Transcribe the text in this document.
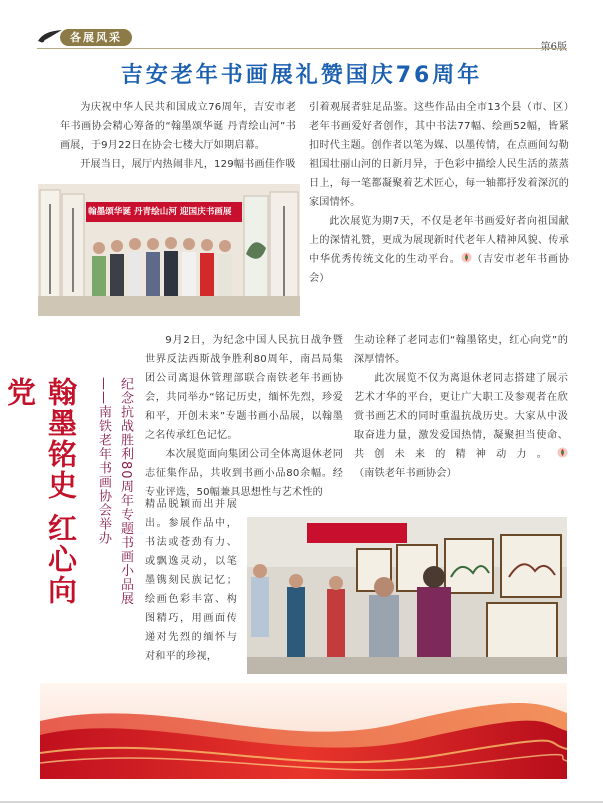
各展风采
吉安老年书画展礼赞国庆76周年

为庆祝中华人民共和国成立76周年，吉安市老年书画协会精心筹备的“翰墨颂华诞 丹青绘山河”书画展，于9月22日在协会七楼大厅如期启幕。

开展当日，展厅内热闹非凡，129幅书画佳作吸

引着观展者驻足品鉴。这些作品由全市13个县（市、区）老年书画爱好者创作，其中书法77幅、绘画52幅，皆紧扣时代主题。创作者以笔为媒、以墨传情，在点画间勾勒祖国壮丽山河的日新月异，于色彩中描绘人民生活的蒸蒸日上，每一笔都凝聚着艺术匠心，每一轴都抒发着深沉的家国情怀。

此次展览为期7天，不仅是老年书画爱好者向祖国献上的深情礼赞，更成为展现新时代老年人精神风貌、传承中华优秀传统文化的生动平台。 （吉安市老年书画协会）

翰墨颂华诞 丹青绘山河 迎国庆书画展
翰墨铭史 红心向党	纪念抗战胜利80周年专题书画小品展
——南铁老年书画协会举办

9月2日，为纪念中国人民抗日战争暨世界反法西斯战争胜利80周年，南昌局集团公司离退休管理部联合南铁老年书画协会，共同举办“铭记历史，缅怀先烈，珍爱和平，开创未来”专题书画小品展，以翰墨之名传承红色记忆。

本次展览面向集团公司全体离退休老同志征集作品，共收到书画小品80余幅。经专业评选，50幅兼具思想性与艺术性的

精品脱颖而出并展出。参展作品中，书法或苍劲有力、或飘逸灵动，以笔墨镌刻民族记忆；绘画色彩丰富、构图精巧，用画面传递对先烈的缅怀与对和平的珍视，

生动诠释了老同志们“翰墨铭史，红心向党”的深厚情怀。

此次展览不仅为离退休老同志搭建了展示艺术才华的平台，更让广大职工及参观者在欣赏书画艺术的同时重温抗战历史。大家从中汲取奋进力量，激发爱国热情，凝聚担当使命、共创未来的精神动力。（南铁老年书画协会）
